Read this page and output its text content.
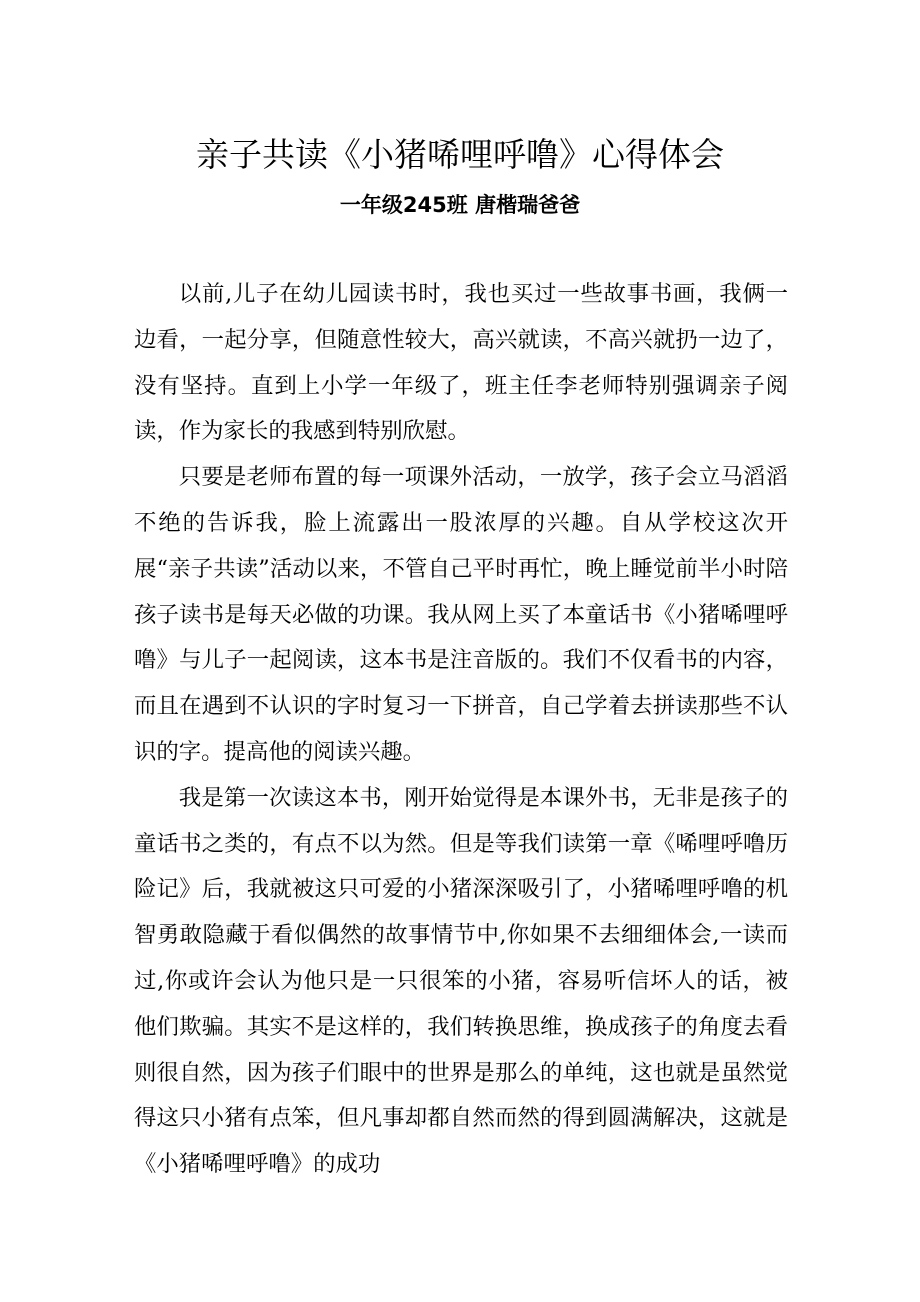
亲子共读《小猪唏哩呼噜》心得体会
一年级245班 唐楷瑞爸爸

以前,儿子在幼儿园读书时，我也买过一些故事书画，我俩一边看，一起分享，但随意性较大，高兴就读，不高兴就扔一边了，没有坚持。直到上小学一年级了，班主任李老师特别强调亲子阅读，作为家长的我感到特别欣慰。

只要是老师布置的每一项课外活动，一放学，孩子会立马滔滔不绝的告诉我，脸上流露出一股浓厚的兴趣。自从学校这次开展“亲子共读”活动以来，不管自己平时再忙，晚上睡觉前半小时陪孩子读书是每天必做的功课。我从网上买了本童话书《小猪唏哩呼噜》与儿子一起阅读，这本书是注音版的。我们不仅看书的内容，而且在遇到不认识的字时复习一下拼音，自己学着去拼读那些不认识的字。提高他的阅读兴趣。

我是第一次读这本书，刚开始觉得是本课外书，无非是孩子的童话书之类的，有点不以为然。但是等我们读第一章《唏哩呼噜历险记》后，我就被这只可爱的小猪深深吸引了，小猪唏哩呼噜的机智勇敢隐藏于看似偶然的故事情节中,你如果不去细细体会,一读而过,你或许会认为他只是一只很笨的小猪，容易听信坏人的话，被他们欺骗。其实不是这样的，我们转换思维，换成孩子的角度去看则很自然，因为孩子们眼中的世界是那么的单纯，这也就是虽然觉得这只小猪有点笨，但凡事却都自然而然的得到圆满解决，这就是《小猪唏哩呼噜》的成功
